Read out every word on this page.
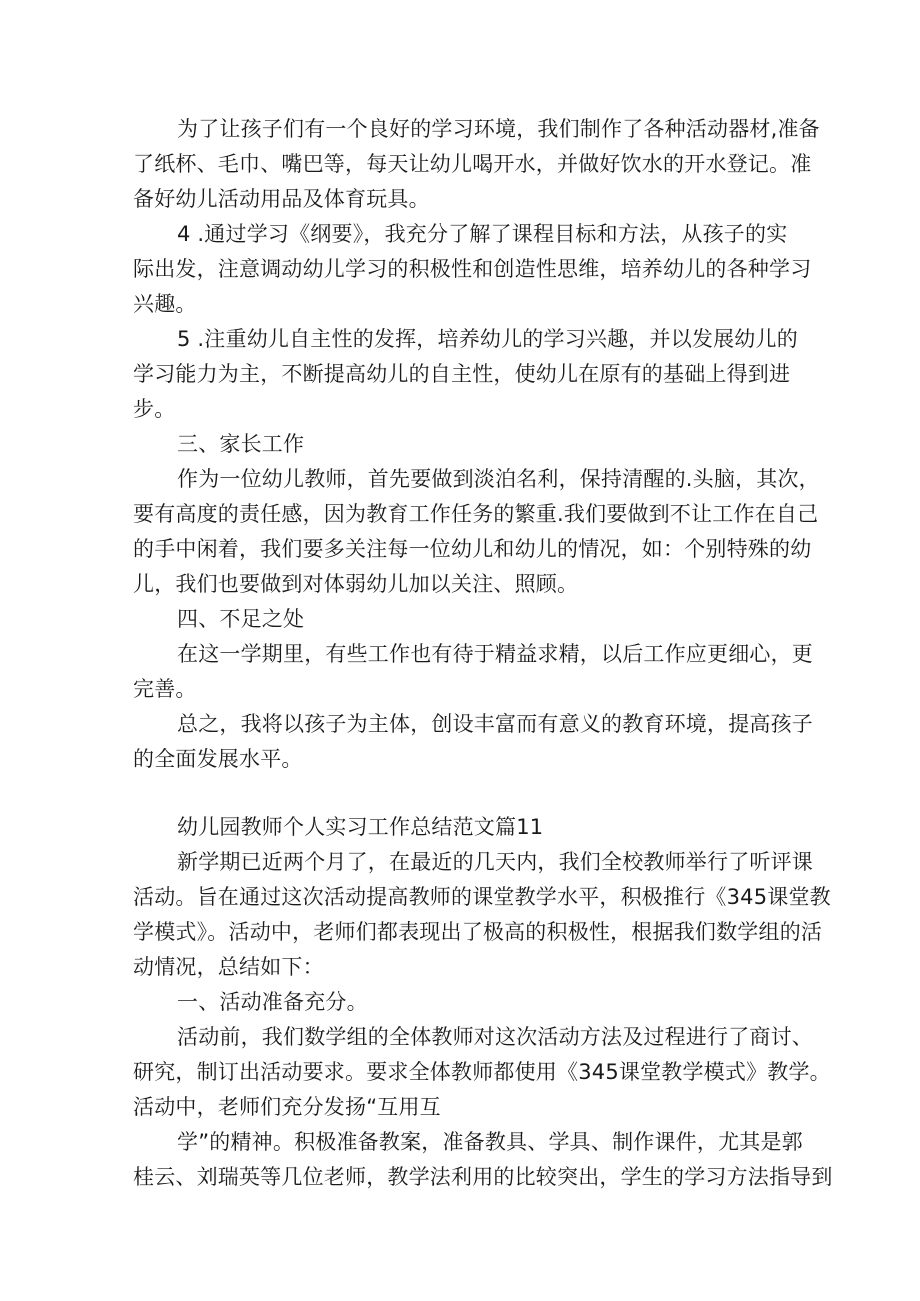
为了让孩子们有一个良好的学习环境，我们制作了各种活动器材,准备
了纸杯、毛巾、嘴巴等，每天让幼儿喝开水，并做好饮水的开水登记。准
备好幼儿活动用品及体育玩具。
4 .通过学习《纲要》，我充分了解了课程目标和方法，从孩子的实
际出发，注意调动幼儿学习的积极性和创造性思维，培养幼儿的各种学习
兴趣。
5 .注重幼儿自主性的发挥，培养幼儿的学习兴趣，并以发展幼儿的
学习能力为主，不断提高幼儿的自主性，使幼儿在原有的基础上得到进
步。
三、家长工作
作为一位幼儿教师，首先要做到淡泊名利，保持清醒的.头脑，其次，
要有高度的责任感，因为教育工作任务的繁重.我们要做到不让工作在自己
的手中闲着，我们要多关注每一位幼儿和幼儿的情况，如：个别特殊的幼
儿，我们也要做到对体弱幼儿加以关注、照顾。
四、不足之处
在这一学期里，有些工作也有待于精益求精，以后工作应更细心，更
完善。
总之，我将以孩子为主体，创设丰富而有意义的教育环境，提高孩子
的全面发展水平。
幼儿园教师个人实习工作总结范文篇11
新学期已近两个月了，在最近的几天内，我们全校教师举行了听评课
活动。旨在通过这次活动提高教师的课堂教学水平，积极推行《345课堂教
学模式》。活动中，老师们都表现出了极高的积极性，根据我们数学组的活
动情况，总结如下：
一、活动准备充分。
活动前，我们数学组的全体教师对这次活动方法及过程进行了商讨、
研究，制订出活动要求。要求全体教师都使用《345课堂教学模式》教学。
活动中，老师们充分发扬“互用互
学”的精神。积极准备教案，准备教具、学具、制作课件，尤其是郭
桂云、刘瑞英等几位老师，教学法利用的比较突出，学生的学习方法指导到
